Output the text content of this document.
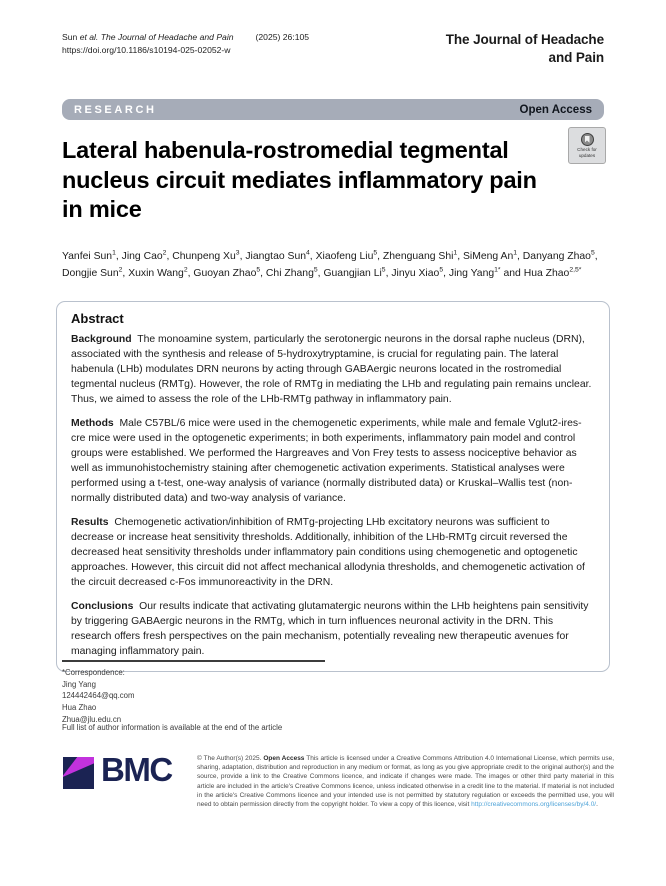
Sun et al. The Journal of Headache and Pain	(2025) 26:105
https://doi.org/10.1186/s10194-025-02052-w
The Journal of Headache
and Pain
RESEARCH	Open Access
Lateral habenula-rostromedial tegmental nucleus circuit mediates inflammatory pain in mice
Check for
updates
Yanfei Sun$^1$, Jing Cao$^2$, Chunpeng Xu$^3$, Jiangtao Sun$^4$, Xiaofeng Liu$^5$, Zhenguang Shi$^1$, SiMeng An$^1$, Danyang Zhao$^5$, Dongjie Sun$^2$, Xuxin Wang$^2$, Guoyan Zhao$^5$, Chi Zhang$^5$, Guangjian Li$^5$, Jinyu Xiao$^5$, Jing Yang$^{1*}$ and Hua Zhao$^{2,5*}$
Abstract

Background The monoamine system, particularly the serotonergic neurons in the dorsal raphe nucleus (DRN), associated with the synthesis and release of 5-hydroxytryptamine, is crucial for regulating pain. The lateral habenula (LHb) modulates DRN neurons by acting through GABAergic neurons located in the rostromedial tegmental nucleus (RMTg). However, the role of RMTg in mediating the LHb and regulating pain remains unclear. Thus, we aimed to assess the role of the LHb-RMTg pathway in inflammatory pain.

Methods Male C57BL/6 mice were used in the chemogenetic experiments, while male and female Vglut2-ires-cre mice were used in the optogenetic experiments; in both experiments, inflammatory pain model and control groups were established. We performed the Hargreaves and Von Frey tests to assess nociceptive behavior as well as immunohistochemistry staining after chemogenetic activation experiments. Statistical analyses were performed using a t-test, one-way analysis of variance (normally distributed data) or Kruskal–Wallis test (non-normally distributed data) and two-way analysis of variance.

Results Chemogenetic activation/inhibition of RMTg-projecting LHb excitatory neurons was sufficient to decrease or increase heat sensitivity thresholds. Additionally, inhibition of the LHb-RMTg circuit reversed the decreased heat sensitivity thresholds under inflammatory pain conditions using chemogenetic and optogenetic approaches. However, this circuit did not affect mechanical allodynia thresholds, and chemogenetic activation of the circuit decreased c-Fos immunoreactivity in the DRN.

Conclusions Our results indicate that activating glutamatergic neurons within the LHb heightens pain sensitivity by triggering GABAergic neurons in the RMTg, which in turn influences neuronal activity in the DRN. This research offers fresh perspectives on the pain mechanism, potentially revealing new therapeutic avenues for managing inflammatory pain.

*Correspondence:
Jing Yang
124442464@qq.com
Hua Zhao
Zhua@jlu.edu.cn
Full list of author information is available at the end of the article
BMC	© The Author(s) 2025. Open Access This article is licensed under a Creative Commons Attribution 4.0 International License, which permits use, sharing, adaptation, distribution and reproduction in any medium or format, as long as you give appropriate credit to the original author(s) and the source, provide a link to the Creative Commons licence, and indicate if changes were made. The images or other third party material in this article are included in the article's Creative Commons licence, unless indicated otherwise in a credit line to the material. If material is not included in the article's Creative Commons licence and your intended use is not permitted by statutory regulation or exceeds the permitted use, you will need to obtain permission directly from the copyright holder. To view a copy of this licence, visit http://creativecommons.org/licenses/by/4.0/.
